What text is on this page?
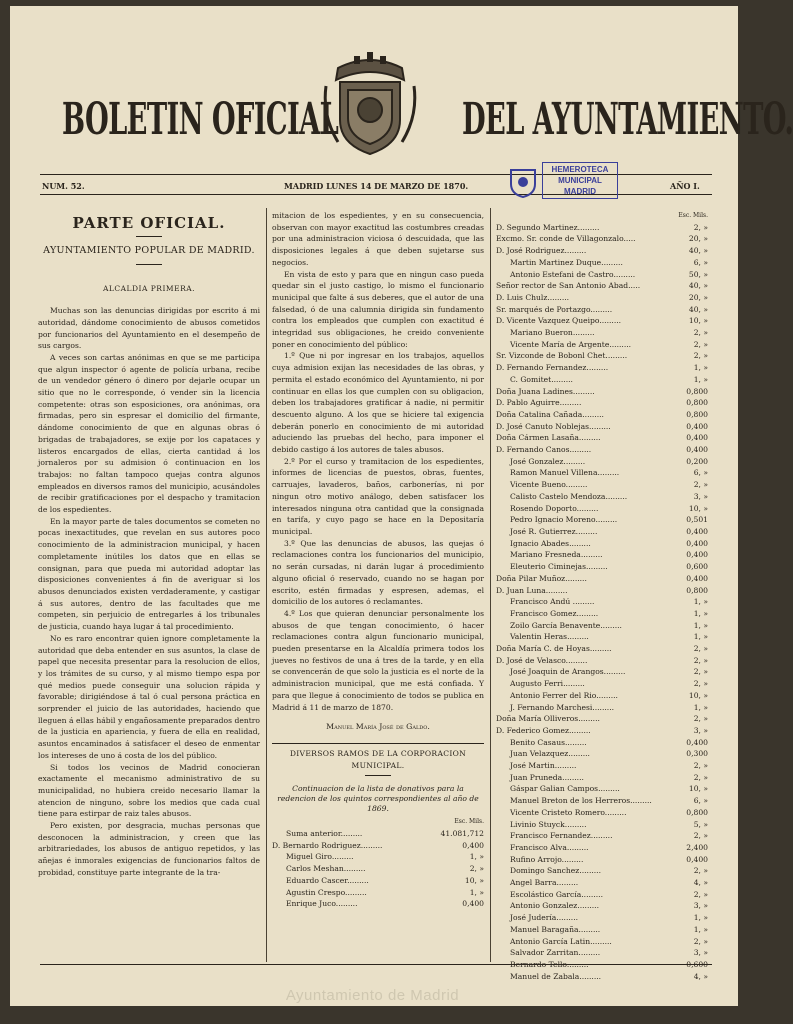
BOLETIN OFICIAL	DEL AYUNTAMIENTO.
NUM. 52.	MADRID LUNES 14 DE MARZO DE 1870.	AÑO I.
HEMEROTECA
MUNICIPAL
MADRID
PARTE OFICIAL.
AYUNTAMIENTO POPULAR DE MADRID.
ALCALDIA PRIMERA.

Muchas son las denuncias dirigidas por escrito á mi autoridad, dándome conocimiento de abusos cometidos por funcionarios del Ayuntamiento en el desempeño de sus cargos.

A veces son cartas anónimas en que se me participa que algun inspector ó agente de policía urbana, recibe de un vendedor género ó dinero por dejarle ocupar un sitio que no le corresponde, ó vender sin la licencia competente: otras son esposiciones, ora anónimas, ora firmadas, pero sin espresar el domicilio del firmante, dándome conocimiento de que en algunas obras ó brigadas de trabajadores, se exije por los capataces y listeros encargados de ellas, cierta cantidad á los jornaleros por su admision ó continuacion en los trabajos: no faltan tampoco quejas contra algunos empleados en diversos ramos del municipio, acusándoles de recibir gratificaciones por el despacho y tramitacion de los espedientes.

En la mayor parte de tales documentos se cometen no pocas inexactitudes, que revelan en sus autores poco conocimiento de la administracion municipal, y hacen completamente inútiles los datos que en ellas se consignan, para que pueda mi autoridad adoptar las disposiciones convenientes á fin de averiguar si los abusos denunciados existen verdaderamente, y castigar á sus autores, dentro de las facultades que me competen, sin perjuicio de entregarles á los tribunales de justicia, cuando haya lugar á tal procedimiento.

No es raro encontrar quien ignore completamente la autoridad que deba entender en sus asuntos, la clase de papel que necesita presentar para la resolucion de ellos, y los trámites de su curso, y al mismo tiempo espa por qué medios puede conseguir una solucion rápida y favorable; dirigiéndose á tal ó cual persona práctica en sorprender el juicio de las autoridades, haciendo que lleguen á ellas hábil y engañosamente preparados dentro de la justicia en apariencia, y fuera de ella en realidad, asuntos encaminados á satisfacer el deseo de enmentar los intereses de uno á costa de los del público.

Si todos los vecinos de Madrid conocieran exactamente el mecanismo administrativo de su municipalidad, no hubiera creido necesario llamar la atencion de ninguno, sobre los medios que cada cual tiene para estirpar de raiz tales abusos.

Pero existen, por desgracia, muchas personas que desconocen la administracion, y creen que las arbitrariedades, los abusos de antiguo repetidos, y las añejas é inmorales exigencias de funcionarios faltos de probidad, constituye parte integrante de la tra-

mitacion de los espedientes, y en su consecuencia, observan con mayor exactitud las costumbres creadas por una administracion viciosa ó descuidada, que las disposiciones legales á que deben sujetarse sus negocios.

En vista de esto y para que en ningun caso pueda quedar sin el justo castigo, lo mismo el funcionario municipal que falte á sus deberes, que el autor de una falsedad, ó de una calumnia dirigida sin fundamento contra los empleados que cumplen con exactitud é integridad sus obligaciones, he creido conveniente poner en conocimiento del público:

1.º Que ni por ingresar en los trabajos, aquellos cuya admision exijan las necesidades de las obras, y permita el estado económico del Ayuntamiento, ni por continuar en ellas los que cumplen con su obligacion, deben los trabajadores gratificar á nadie, ni permitir descuento alguno. A los que se hiciere tal exigencia deberán ponerlo en conocimiento de mi autoridad aduciendo las pruebas del hecho, para imponer el debido castigo á los autores de tales abusos.

2.º Por el curso y tramitacion de los espedientes, informes de licencias de puestos, obras, fuentes, carruajes, lavaderos, baños, carbonerías, ni por ningun otro motivo análogo, deben satisfacer los interesados ninguna otra cantidad que la consignada en tarifa, y cuyo pago se hace en la Depositaría municipal.

3.º Que las denuncias de abusos, las quejas ó reclamaciones contra los funcionarios del municipio, no serán cursadas, ni darán lugar á procedimiento alguno oficial ó reservado, cuando no se hagan por escrito, estén firmadas y espresen, ademas, el domicilio de los autores ó reclamantes.

4.º Los que quieran denunciar personalmente los abusos de que tengan conocimiento, ó hacer reclamaciones contra algun funcionario municipal, pueden presentarse en la Alcaldía primera todos los jueves no festivos de una á tres de la tarde, y en ella se convencerán de que solo la justicia es el norte de la administracion municipal, que me está confiada. Y para que llegue á conocimiento de todos se publica en Madrid á 11 de marzo de 1870.

Manuel María José de Galdo.
DIVERSOS RAMOS DE LA CORPORACION MUNICIPAL.
Continuacion de la lista de donativos para la redencion de los quintos correspondientes al año de 1869.
Esc. Mils.
Suma anterior.........	41.081,712
D. Bernardo Rodriguez.........	0,400
Miguel Giro.........	1, »
Carlos Meshan.........	2, »
Eduardo Cascer.........	10, »
Agustin Crespo.........	1, »
Enrique Juco.........	0,400
Esc. Mils.
D. Segundo Martinez.........	2, »
Excmo. Sr. conde de Villagonzalo.....	20, »
D. José Rodriguez.........	40, »
Martin Martinez Duque.........	6, »
Antonio Estefani de Castro.........	50, »
Señor rector de San Antonio Abad.....	40, »
D. Luis Chulz.........	20, »
Sr. marqués de Portazgo.........	40, »
D. Vicente Vazquez Queipo.........	10, »
Mariano Bueron.........	2, »
Vicente María de Argente.........	2, »
Sr. Vizconde de Bobonl Chet.........	2, »
D. Fernando Fernandez.........	1, »
C. Gomitet.........	1, »
Doña Juana Ladines.........	0,800
D. Pablo Aguirre.........	0,800
Doña Catalina Cañada.........	0,800
D. José Canuto Noblejas.........	0,400
Doña Cármen Lasaña.........	0,400
D. Fernando Canos.........	0,400
José Gonzalez.........	0,200
Ramon Manuel Villena.........	6, »
Vicente Bueno.........	2, »
Calisto Castelo Mendoza.........	3, »
Rosendo Doporto.........	10, »
Pedro Ignacio Moreno.........	0,501
José R. Gutierrez.........	0,400
Ignacio Abades.........	0,400
Mariano Fresneda.........	0,400
Eleuterio Ciminejas.........	0,600
Doña Pilar Muñoz.........	0,400
D. Juan Luna.........	0,800
Francisco Andú .........	1, »
Francisco Gomez.........	1, »
Zoilo García Benavente.........	1, »
Valentin Heras.........	1, »
Doña María C. de Hoyas.........	2, »
D. José de Velasco.........	2, »
José Joaquin de Arangos.........	2, »
Augusto Ferri.........	2, »
Antonio Ferrer del Rio.........	10, »
J. Fernando Marchesi.........	1, »
Doña María Olliveros.........	2, »
D. Federico Gomez.........	3, »
Benito Casaus.........	0,400
Juan Velazquez.........	0,300
José Martin.........	2, »
Juan Pruneda.........	2, »
Gáspar Galian Campos.........	10, »
Manuel Breton de los Herreros.........	6, »
Vicente Cristeto Romero.........	0,800
Livinio Stuyck.........	5, »
Francisco Fernandez.........	2, »
Francisco Alva.........	2,400
Rufino Arrojo.........	0,400
Domingo Sanchez.........	2, »
Angel Barra.........	4, »
Escolástico García.........	2, »
Antonio Gonzalez.........	3, »
José Judería.........	1, »
Manuel Baragaña.........	1, »
Antonio García Latin.........	2, »
Salvador Zarritan.........	3, »
Bernardo Tello.........	0,600
Manuel de Zabala.........	4, »
Ayuntamiento de Madrid
